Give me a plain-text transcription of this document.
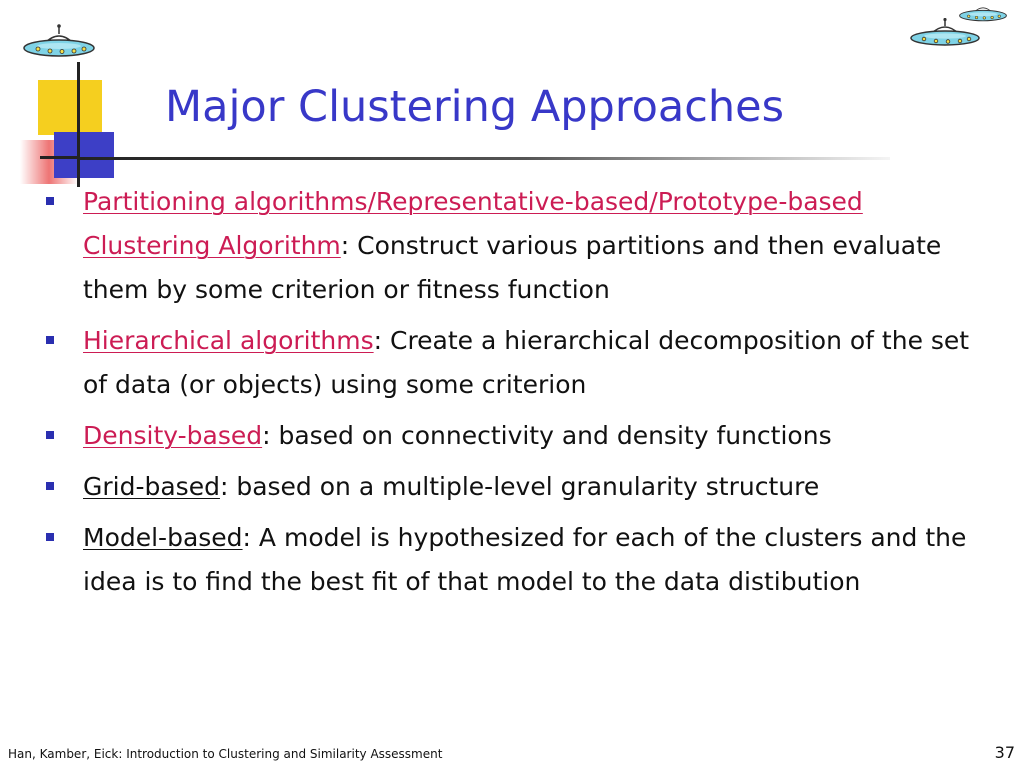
Major Clustering Approaches
Partitioning algorithms/Representative-based/Prototype-based Clustering Algorithm: Construct various partitions and then evaluate them by some criterion or fitness function
Hierarchical algorithms: Create a hierarchical decomposition of the set of data (or objects) using some criterion
Density-based: based on connectivity and density functions
Grid-based: based on a multiple-level granularity structure
Model-based: A model is hypothesized for each of the clusters and the idea is to find the best fit of that model to the data distibution
Han, Kamber, Eick: Introduction to Clustering and Similarity Assessment	37
